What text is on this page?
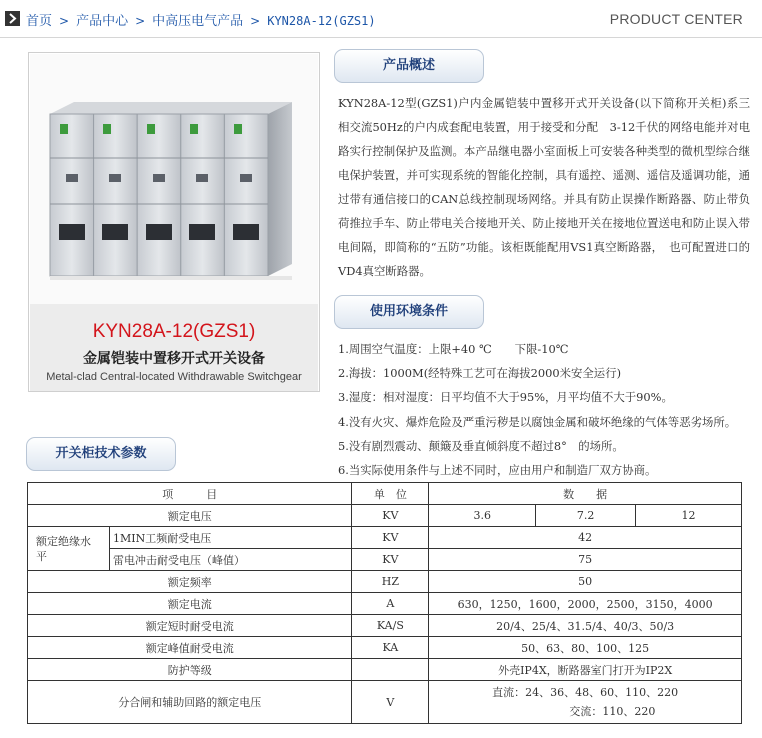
首页 > 产品中心 > 中高压电气产品 > KYN28A-12(GZS1)	PRODUCT CENTER
KYN28A-12(GZS1)
金属铠装中置移开式开关设备
Metal-clad Central-located Withdrawable Switchgear
产品概述
KYN28A-12型(GZS1)户内金属铠装中置移开式开关设备(以下简称开关柜)系三相交流50Hz的户内成套配电装置，用于接受和分配　3-12千伏的网络电能并对电路实行控制保护及监测。本产品继电器小室面板上可安装各种类型的微机型综合继电保护装置，并可实现系统的智能化控制，具有遥控、遥测、遥信及遥调功能，通过带有通信接口的CAN总线控制现场网络。并具有防止误操作断路器、防止带负荷推拉手车、防止带电关合接地开关、防止接地开关在接地位置送电和防止误入带电间隔，即简称的“五防”功能。该柜既能配用VS1真空断路器，　也可配置进口的VD4真空断路器。
使用环境条件
1.周围空气温度：上限+40 ℃　　下限-10℃
2.海拔：1000M(经特殊工艺可在海拔2000米安全运行)
3.湿度：相对湿度：日平均值不大于95%，月平均值不大于90%。
4.没有火灾、爆炸危险及严重污秽是以腐蚀金属和破坏绝缘的气体等恶劣场所。
5.没有剧烈震动、颠簸及垂直倾斜度不超过8°　的场所。
6.当实际使用条件与上述不同时，应由用户和制造厂双方协商。
开关柜技术参数
项　　　目		单　位	数　　据		
额定电压		KV	3.6	7.2	12

额定绝缘水平	1MIN工频耐受电压	KV	42		
	雷电冲击耐受电压（峰值）	KV	75		
额定频率		HZ	50		
额定电流		A	630，1250，1600，2000，2500，3150，4000		
额定短时耐受电流		KA/S	20/4、25/4、31.5/4、40/3、50/3		
额定峰值耐受电流		KA	50、63、80、100、125		
防护等级			外壳IP4X，断路器室门打开为IP2X		
分合闸和辅助回路的额定电压		V	直流：24、36、48、60、110、220
交流：110、220		
